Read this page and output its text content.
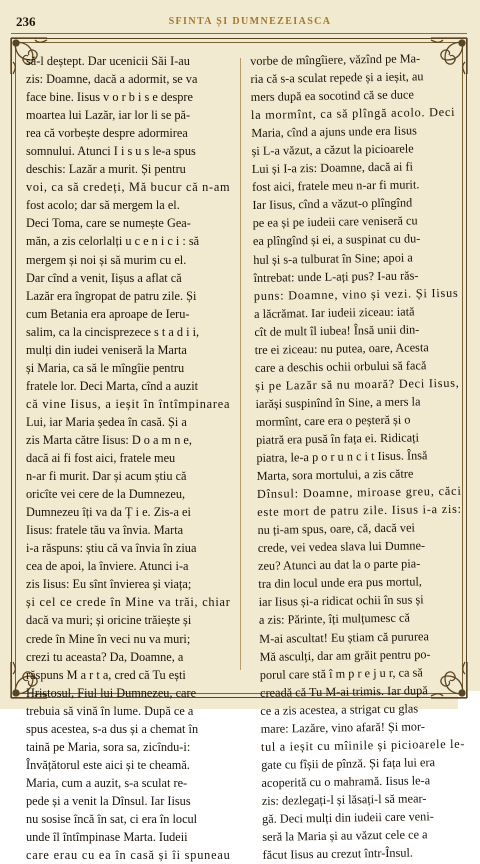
236	SFINTA ȘI DUMNEZEIASCA
să-l deștept. Dar ucenicii Săi I-au
zis: Doamne, dacă a adormit, se va
face bine. Iisus v o r b i s e despre
moartea lui Lazăr, iar lor li se pă-
rea că vorbește despre adormirea
somnului. Atunci I i s u s le-a spus
deschis: Lazăr a murit. Și pentru
voi, ca să credeți, Mă bucur că n-am
fost acolo; dar să mergem la el.
Deci Toma, care se numește Gea-
măn, a zis celorlalți u c e n i c i : să
mergem și noi și să murim cu el.
Dar cînd a venit, Iișus a aflat că
Lazăr era îngropat de patru zile. Și
cum Betania era aproape de Ieru-
salim, ca la cincisprezece s t a d i i,
mulți din iudei veniseră la Marta
și Maria, ca să le mîngîie pentru
fratele lor. Deci Marta, cînd a auzit
că vine Iisus, a ieșit în întîmpinarea
Lui, iar Maria ședea în casă. Și a
zis Marta către Iisus: D o a m n e,
dacă ai fi fost aici, fratele meu
n-ar fi murit. Dar și acum știu că
oricîte vei cere de la Dumnezeu,
Dumnezeu îți va da Ț i e. Zis-a ei
Iisus: fratele tău va învia. Marta
i-a răspuns: știu că va învia în ziua
cea de apoi, la înviere. Atunci i-a
zis Iisus: Eu sînt învierea și viața;
și cel ce crede în Mine va trăi, chiar
dacă va muri; și oricine trăiește și
crede în Mine în veci nu va muri;
crezi tu aceasta? Da, Doamne, a
răspuns M a r t a, cred că Tu ești
Hristosul, Fiul lui Dumnezeu, care
trebuia să vină în lume. După ce a
spus acestea, s-a dus și a chemat în
taină pe Maria, sora sa, zicîndu-i:
Învățătorul este aici și te cheamă.
Maria, cum a auzit, s-a sculat re-
pede și a venit la Dînsul. Iar Iisus
nu sosise încă în sat, ci era în locul
unde îl întîmpinase Marta. Iudeii
care erau cu ea în casă și îi spuneau
vorbe de mîngîiere, văzînd pe Ma-
ria că s-a sculat repede și a ieșit, au
mers după ea socotind că se duce
la mormînt, ca să plîngă acolo. Deci
Maria, cînd a ajuns unde era Iisus
și L-a văzut, a căzut la picioarele
Lui și I-a zis: Doamne, dacă ai fi
fost aici, fratele meu n-ar fi murit.
Iar Iisus, cînd a văzut-o plîngînd
pe ea și pe iudeii care veniseră cu
ea plîngînd și ei, a suspinat cu du-
hul și s-a tulburat în Sine; apoi a
întrebat: unde L-ați pus? I-au răs-
puns: Doamne, vino și vezi. Și Iisus
a lăcrămat. Iar iudeii ziceau: iată
cît de mult îl iubea! Însă unii din-
tre ei ziceau: nu putea, oare, Acesta
care a deschis ochii orbului să facă
și pe Lazăr să nu moară? Deci Iisus,
iarăși suspinînd în Sine, a mers la
mormînt, care era o peșteră și o
piatră era pusă în fața ei. Ridicați
piatra, le-a p o r u n c i t Iisus. Însă
Marta, sora mortului, a zis către
Dînsul: Doamne, miroase greu, căci
este mort de patru zile. Iisus i-a zis:
nu ți-am spus, oare, că, dacă vei
crede, vei vedea slava lui Dumne-
zeu? Atunci au dat la o parte pia-
tra din locul unde era pus mortul,
iar Iisus și-a ridicat ochii în sus și
a zis: Părinte, îți mulțumesc că
M-ai ascultat! Eu știam că pururea
Mă asculți, dar am grăit pentru po-
porul care stă î m p r e j u r, ca să
creadă că Tu M-ai trimis. Iar după
ce a zis acestea, a strigat cu glas
mare: Lazăre, vino afară! Și mor-
tul a ieșit cu mîinile și picioarele le-
gate cu fîșii de pînză. Și fața lui era
acoperită cu o mahramă. Iisus le-a
zis: dezlegați-l și lăsați-l să mear-
gă. Deci mulți din iudeii care veni-
seră la Maria și au văzut cele ce a
făcut Iisus au crezut într-Însul.
